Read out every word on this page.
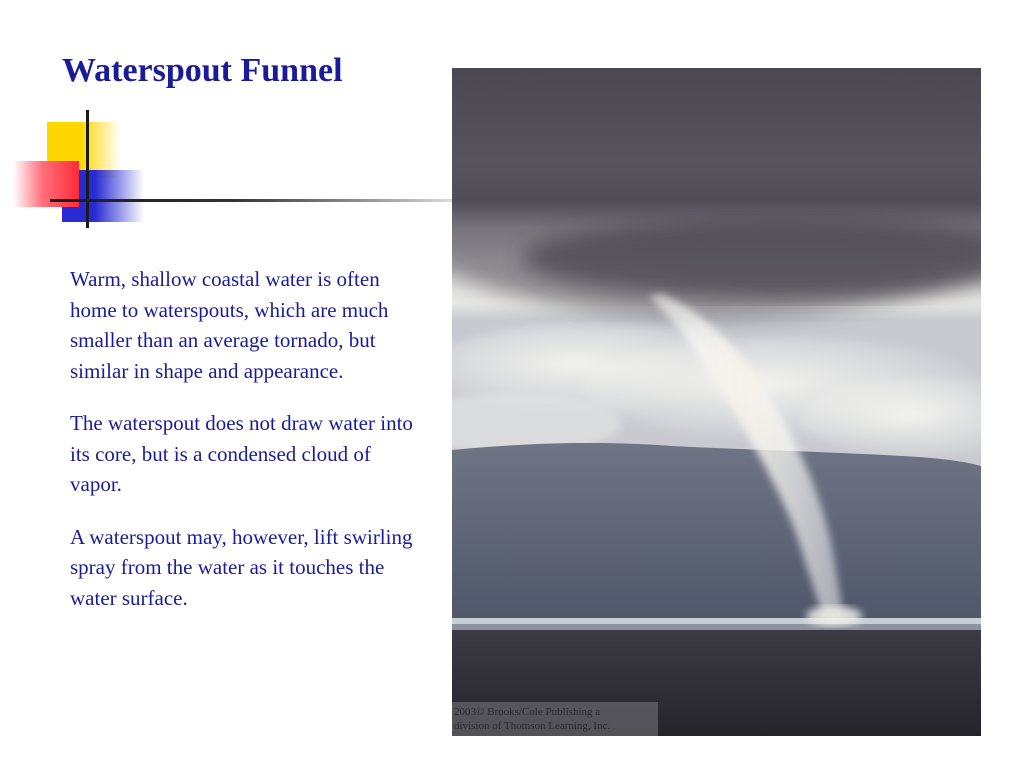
Waterspout Funnel

Warm, shallow coastal water is often home to waterspouts, which are much smaller than an average tornado, but similar in shape and appearance.

The waterspout does not draw water into its core, but is a condensed cloud of vapor.

A waterspout may, however, lift swirling spray from the water as it touches the water surface.

2003© Brooks/Cole Publishing a
division of Thomson Learning, Inc.
